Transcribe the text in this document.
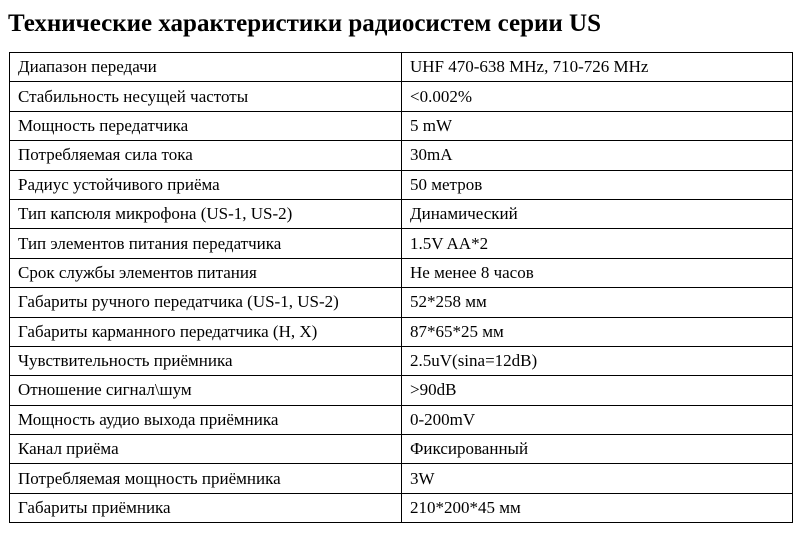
Технические характеристики радиосистем серии US
Диапазон передачи	UHF 470-638 MHz, 710-726 MHz
Стабильность несущей частоты	<0.002%
Мощность передатчика	5 mW
Потребляемая сила тока	30mA
Радиус устойчивого приёма	50 метров
Тип капсюля микрофона (US-1, US-2)	Динамический
Тип элементов питания передатчика	1.5V AA*2
Срок службы элементов питания	Не менее 8 часов
Габариты ручного передатчика (US-1, US-2)	52*258 мм
Габариты карманного передатчика (H, X)	87*65*25 мм
Чувствительность приёмника	2.5uV(sina=12dB)
Отношение сигнал\шум	>90dB
Мощность аудио выхода приёмника	0-200mV
Канал приёма	Фиксированный
Потребляемая мощность приёмника	3W
Габариты приёмника	210*200*45 мм
